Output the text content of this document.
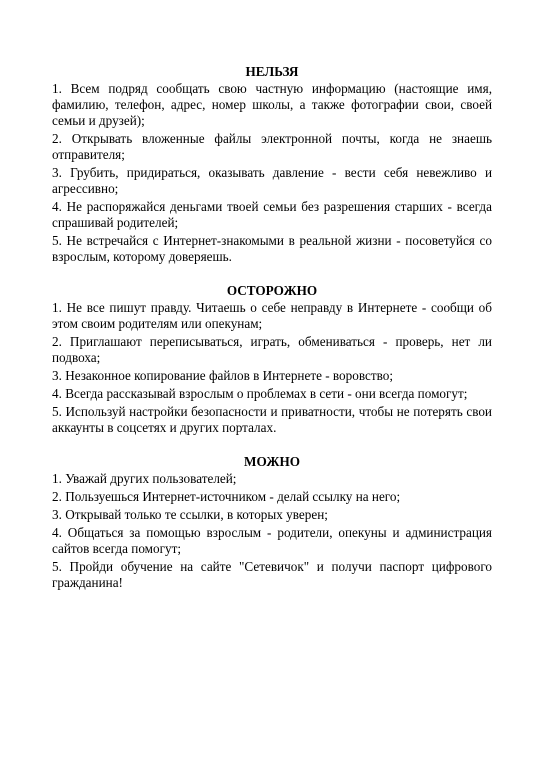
НЕЛЬЗЯ

1. Всем подряд сообщать свою частную информацию (настоящие имя, фамилию, телефон, адрес, номер школы, а также фотографии свои, своей семьи и друзей);

2. Открывать вложенные файлы электронной почты, когда не знаешь отправителя;

3. Грубить, придираться, оказывать давление - вести себя невежливо и агрессивно;

4. Не распоряжайся деньгами твоей семьи без разрешения старших - всегда спрашивай родителей;

5. Не встречайся с Интернет-знакомыми в реальной жизни - посоветуйся со взрослым, которому доверяешь.

ОСТОРОЖНО

1. Не все пишут правду. Читаешь о себе неправду в Интернете - сообщи об этом своим родителям или опекунам;

2. Приглашают переписываться, играть, обмениваться - проверь, нет ли подвоха;

3. Незаконное копирование файлов в Интернете - воровство;

4. Всегда рассказывай взрослым о проблемах в сети - они всегда помогут;

5. Используй настройки безопасности и приватности, чтобы не потерять свои аккаунты в соцсетях и других порталах.

МОЖНО

1. Уважай других пользователей;

2. Пользуешься Интернет-источником - делай ссылку на него;

3. Открывай только те ссылки, в которых уверен;

4. Общаться за помощью взрослым - родители, опекуны и администрация сайтов всегда помогут;

5. Пройди обучение на сайте "Сетевичок" и получи паспорт цифрового гражданина!
